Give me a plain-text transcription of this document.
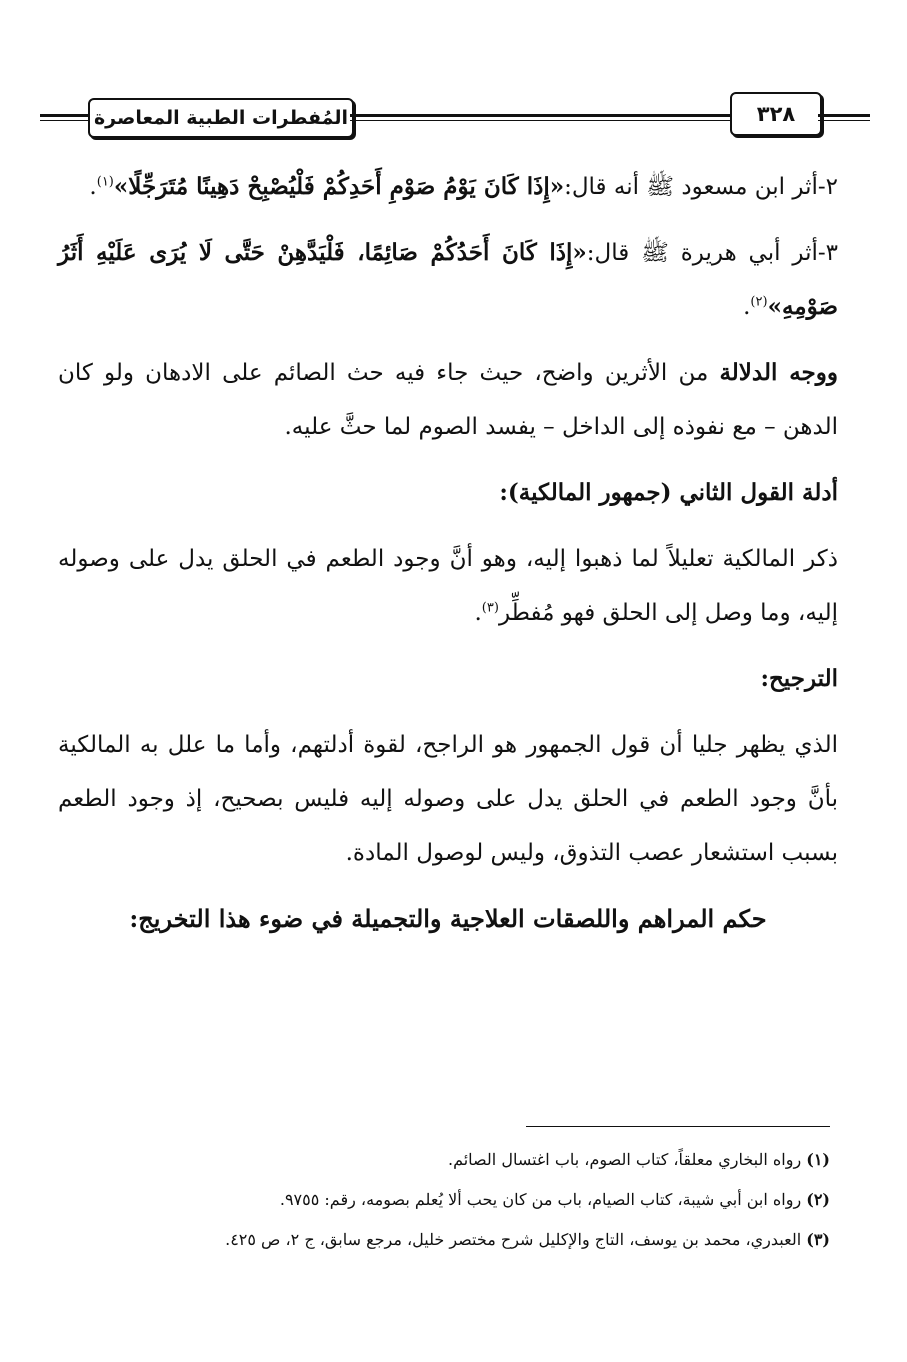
المُفطرات الطبية المعاصرة	٣٢٨

٢-أثر ابن مسعود ﷺ أنه قال:«إِذَا كَانَ يَوْمُ صَوْمِ أَحَدِكُمْ فَلْيُصْبِحْ دَهِينًا مُتَرَجِّلًا»$^{(١)}$.

٣-أثر أبي هريرة ﷺ قال:«إِذَا كَانَ أَحَدُكُمْ صَائِمًا، فَلْيَدَّهِنْ حَتَّى لَا يُرَى عَلَيْهِ أَثَرُ صَوْمِهِ»$^{(٢)}$.

ووجه الدلالة من الأثرين واضح، حيث جاء فيه حث الصائم على الادهان ولو كان الدهن – مع نفوذه إلى الداخل – يفسد الصوم لما حثَّ عليه.

أدلة القول الثاني (جمهور المالكية):

ذكر المالكية تعليلاً لما ذهبوا إليه، وهو أنَّ وجود الطعم في الحلق يدل على وصوله إليه، وما وصل إلى الحلق فهو مُفطِّر$^{(٣)}$.

الترجيح:

الذي يظهر جليا أن قول الجمهور هو الراجح، لقوة أدلتهم، وأما ما علل به المالكية بأنَّ وجود الطعم في الحلق يدل على وصوله إليه فليس بصحيح، إذ وجود الطعم بسبب استشعار عصب التذوق، وليس لوصول المادة.

حكم المراهم واللصقات العلاجية والتجميلة في ضوء هذا التخريج:

(١) رواه البخاري معلقاً، كتاب الصوم، باب اغتسال الصائم.

(٢) رواه ابن أبي شيبة، كتاب الصيام، باب من كان يحب ألا يُعلم بصومه، رقم: ٩٧٥٥.

(٣) العبدري، محمد بن يوسف، التاج والإكليل شرح مختصر خليل، مرجع سابق، ج ٢، ص ٤٢٥.
